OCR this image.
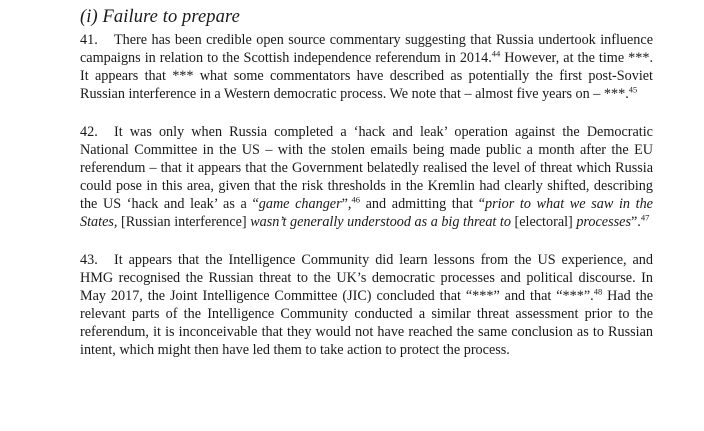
(i) Failure to prepare

41. There has been credible open source commentary suggesting that Russia undertook influence campaigns in relation to the Scottish independence referendum in 2014.44 However, at the time ***. It appears that *** what some commentators have described as potentially the first post-Soviet Russian interference in a Western democratic process. We note that – almost five years on – ***.$^{45}$

42. It was only when Russia completed a ‘hack and leak’ operation against the Democratic National Committee in the US – with the stolen emails being made public a month after the EU referendum – that it appears that the Government belatedly realised the level of threat which Russia could pose in this area, given that the risk thresholds in the Kremlin had clearly shifted, describing the US ‘hack and leak’ as a “game changer”,$^{46}$ and admitting that “prior to what we saw in the States, [Russian interference] wasn’t generally understood as a big threat to [electoral] processes”.$^{47}$

43. It appears that the Intelligence Community did learn lessons from the US experience, and HMG recognised the Russian threat to the UK’s democratic processes and political discourse. In May 2017, the Joint Intelligence Committee (JIC) concluded that “***” and that “***”.$^{48}$ Had the relevant parts of the Intelligence Community conducted a similar threat assessment prior to the referendum, it is inconceivable that they would not have reached the same conclusion as to Russian intent, which might then have led them to take action to protect the process.
